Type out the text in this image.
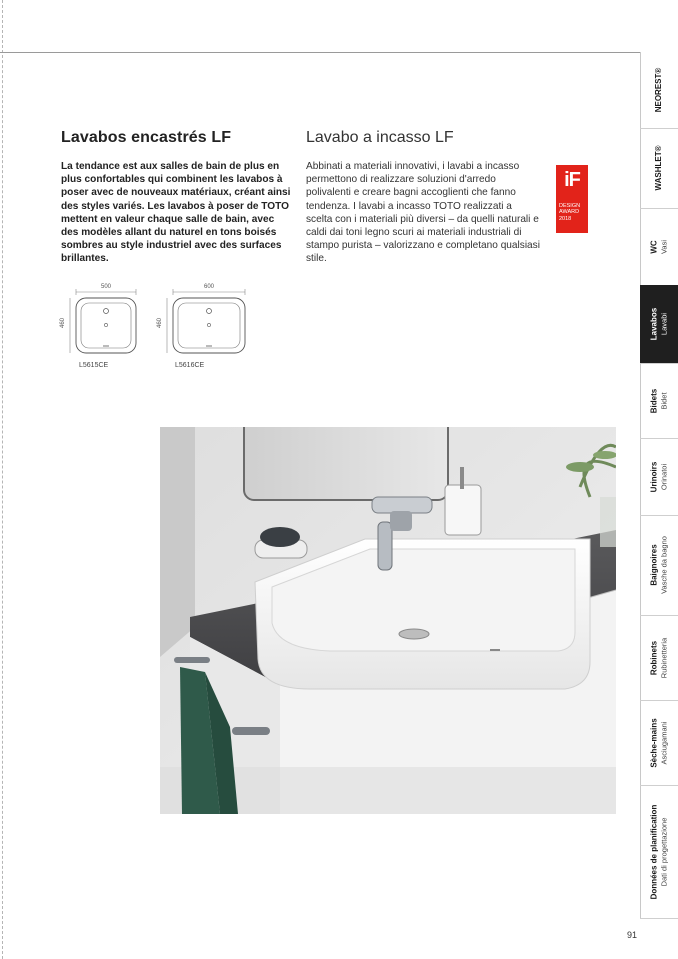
Lavabos encastrés LF	Lavabo a incasso LF
La tendance est aux salles de bain de plus en plus confortables qui combinent les lavabos à poser avec de nouveaux matériaux, créant ainsi des styles variés. Les lavabos à poser de TOTO mettent en valeur chaque salle de bain, avec des modèles allant du naturel en tons boisés sombres au style industriel avec des surfaces brillantes.
Abbinati a materiali innovativi, i lavabi a incasso permettono di realizzare soluzioni d'arredo polivalenti e creare bagni accoglienti che fanno tendenza. I lavabi a incasso TOTO realizzati a scelta con i materiali più diversi – da quelli naturali e caldi dai toni legno scuri ai materiali industriali di stampo purista – valorizzano e completano qualsiasi stile.
iF
DESIGN AWARD 2018
500
460
L5615CE
600
460
L5616CE
NEOREST®
WASHLET®
WC Vasi
Lavabos Lavabi
Bidets Bidet
Urinoirs Orinatoi
Baignoires Vasche da bagno
Robinets Rubinetteria
Sèche-mains Asciugamani
Données de planification Dati di progettazione
91
